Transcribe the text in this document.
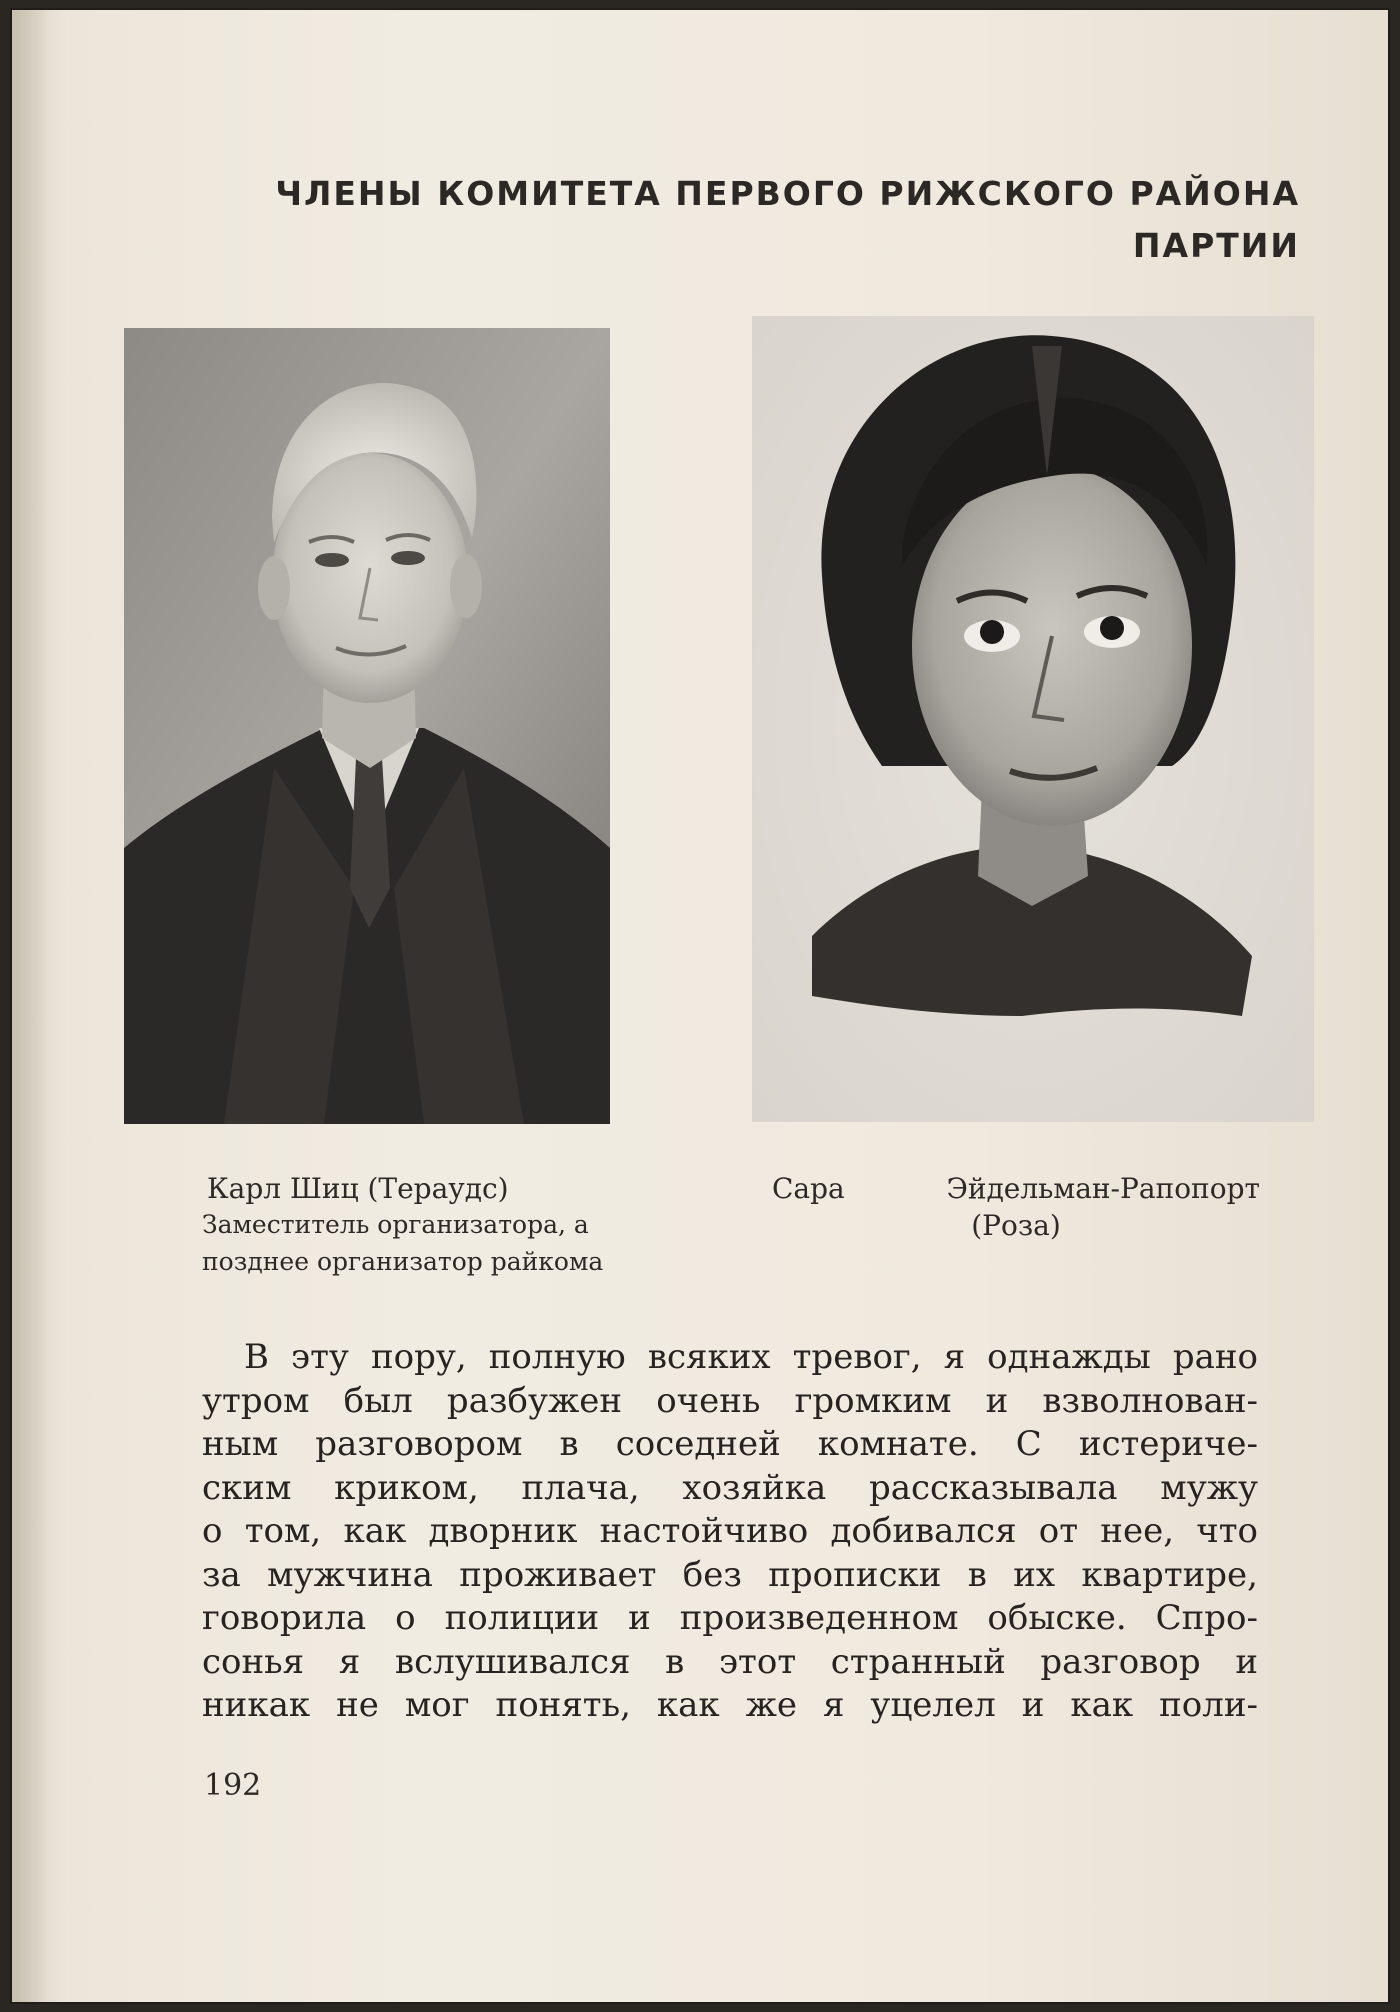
ЧЛЕНЫ КОМИТЕТА ПЕРВОГО РИЖСКОГО РАЙОНА
ПАРТИИ
Карл Шиц (Тераудс)
Заместитель организатора, а
позднее организатор райкома
Сара	Эйдельман-Рапопорт
(Роза)
В эту пору, полную всяких тревог, я однажды рано
утром был разбужен очень громким и взволнован-
ным разговором в соседней комнате. С истериче-
ским криком, плача, хозяйка рассказывала мужу
о том, как дворник настойчиво добивался от нее, что
за мужчина проживает без прописки в их квартире,
говорила о полиции и произведенном обыске. Спро-
сонья я вслушивался в этот странный разговор и
никак не мог понять, как же я уцелел и как поли-
192
